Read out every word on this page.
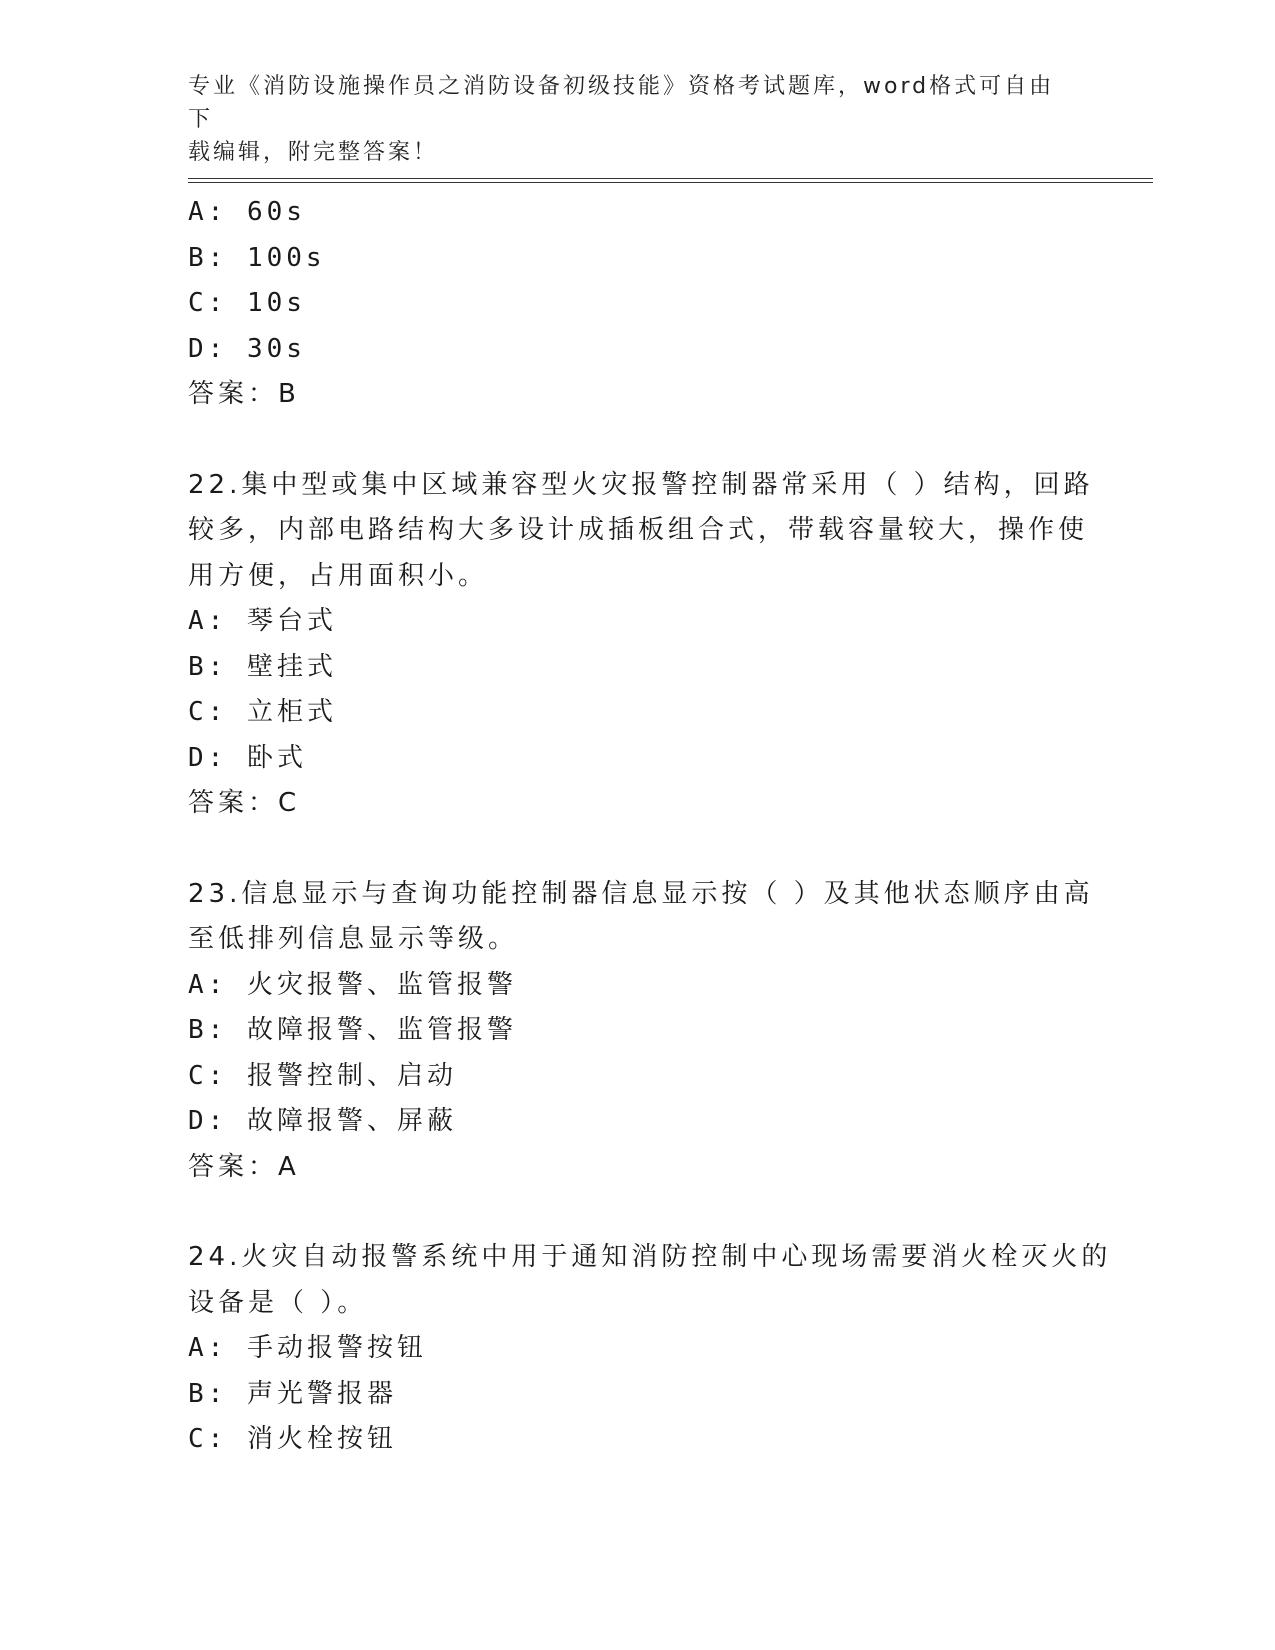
专业《消防设施操作员之消防设备初级技能》资格考试题库，word格式可自由下
载编辑，附完整答案！
A: 60s
B: 100s
C: 10s
D: 30s
答案：B
22.集中型或集中区域兼容型火灾报警控制器常采用（ ）结构，回路
较多，内部电路结构大多设计成插板组合式，带载容量较大，操作使
用方便，占用面积小。
A: 琴台式
B: 壁挂式
C: 立柜式
D: 卧式
答案：C
23.信息显示与查询功能控制器信息显示按（ ）及其他状态顺序由高
至低排列信息显示等级。
A: 火灾报警、监管报警
B: 故障报警、监管报警
C: 报警控制、启动
D: 故障报警、屏蔽
答案：A
24.火灾自动报警系统中用于通知消防控制中心现场需要消火栓灭火的
设备是（ ）。
A: 手动报警按钮
B: 声光警报器
C: 消火栓按钮
